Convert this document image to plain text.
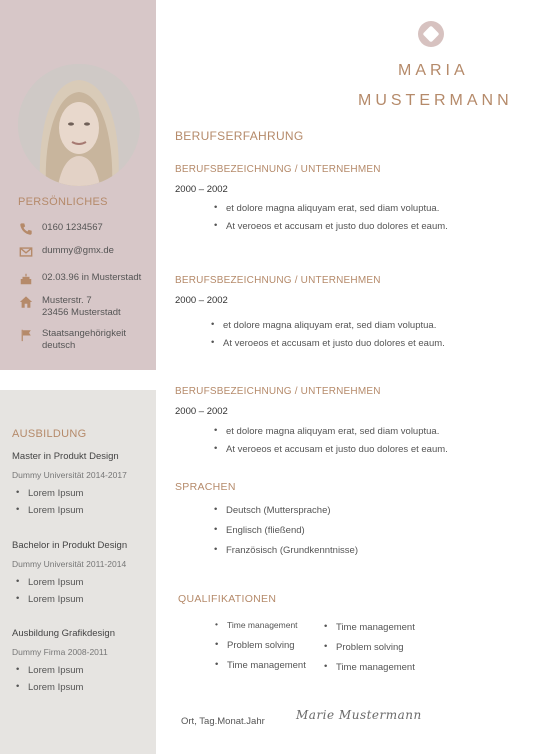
PERSÖNLICHES
0160 1234567
dummy@gmx.de
02.03.96 in Musterstadt
Musterstr. 7
23456 Musterstadt
Staatsangehörigkeit
deutsch
AUSBILDUNG
Master in Produkt Design
Dummy Universität 2014-2017
• Lorem Ipsum
• Lorem Ipsum
Bachelor in Produkt Design
Dummy Universität 2011-2014
• Lorem Ipsum
• Lorem Ipsum
Ausbildung Grafikdesign
Dummy Firma 2008-2011
• Lorem Ipsum
• Lorem Ipsum
MARIA
MUSTERMANN
BERUFSERFAHRUNG
BERUFSBEZEICHNUNG / UNTERNEHMEN
2000 – 2002
• et dolore magna aliquyam erat, sed diam voluptua.
• At veroeos et accusam et justo duo dolores et eaum.
BERUFSBEZEICHNUNG / UNTERNEHMEN
2000 – 2002
• et dolore magna aliquyam erat, sed diam voluptua.
• At veroeos et accusam et justo duo dolores et eaum.
BERUFSBEZEICHNUNG / UNTERNEHMEN
2000 – 2002
• et dolore magna aliquyam erat, sed diam voluptua.
• At veroeos et accusam et justo duo dolores et eaum.
SPRACHEN
• Deutsch (Muttersprache)
• Englisch (fließend)
• Französisch (Grundkenntnisse)
QUALIFIKATIONEN
• Time management
• Problem solving
• Time management
• Time management
• Problem solving
• Time management
Ort, Tag.Monat.Jahr	Marie Mustermann
